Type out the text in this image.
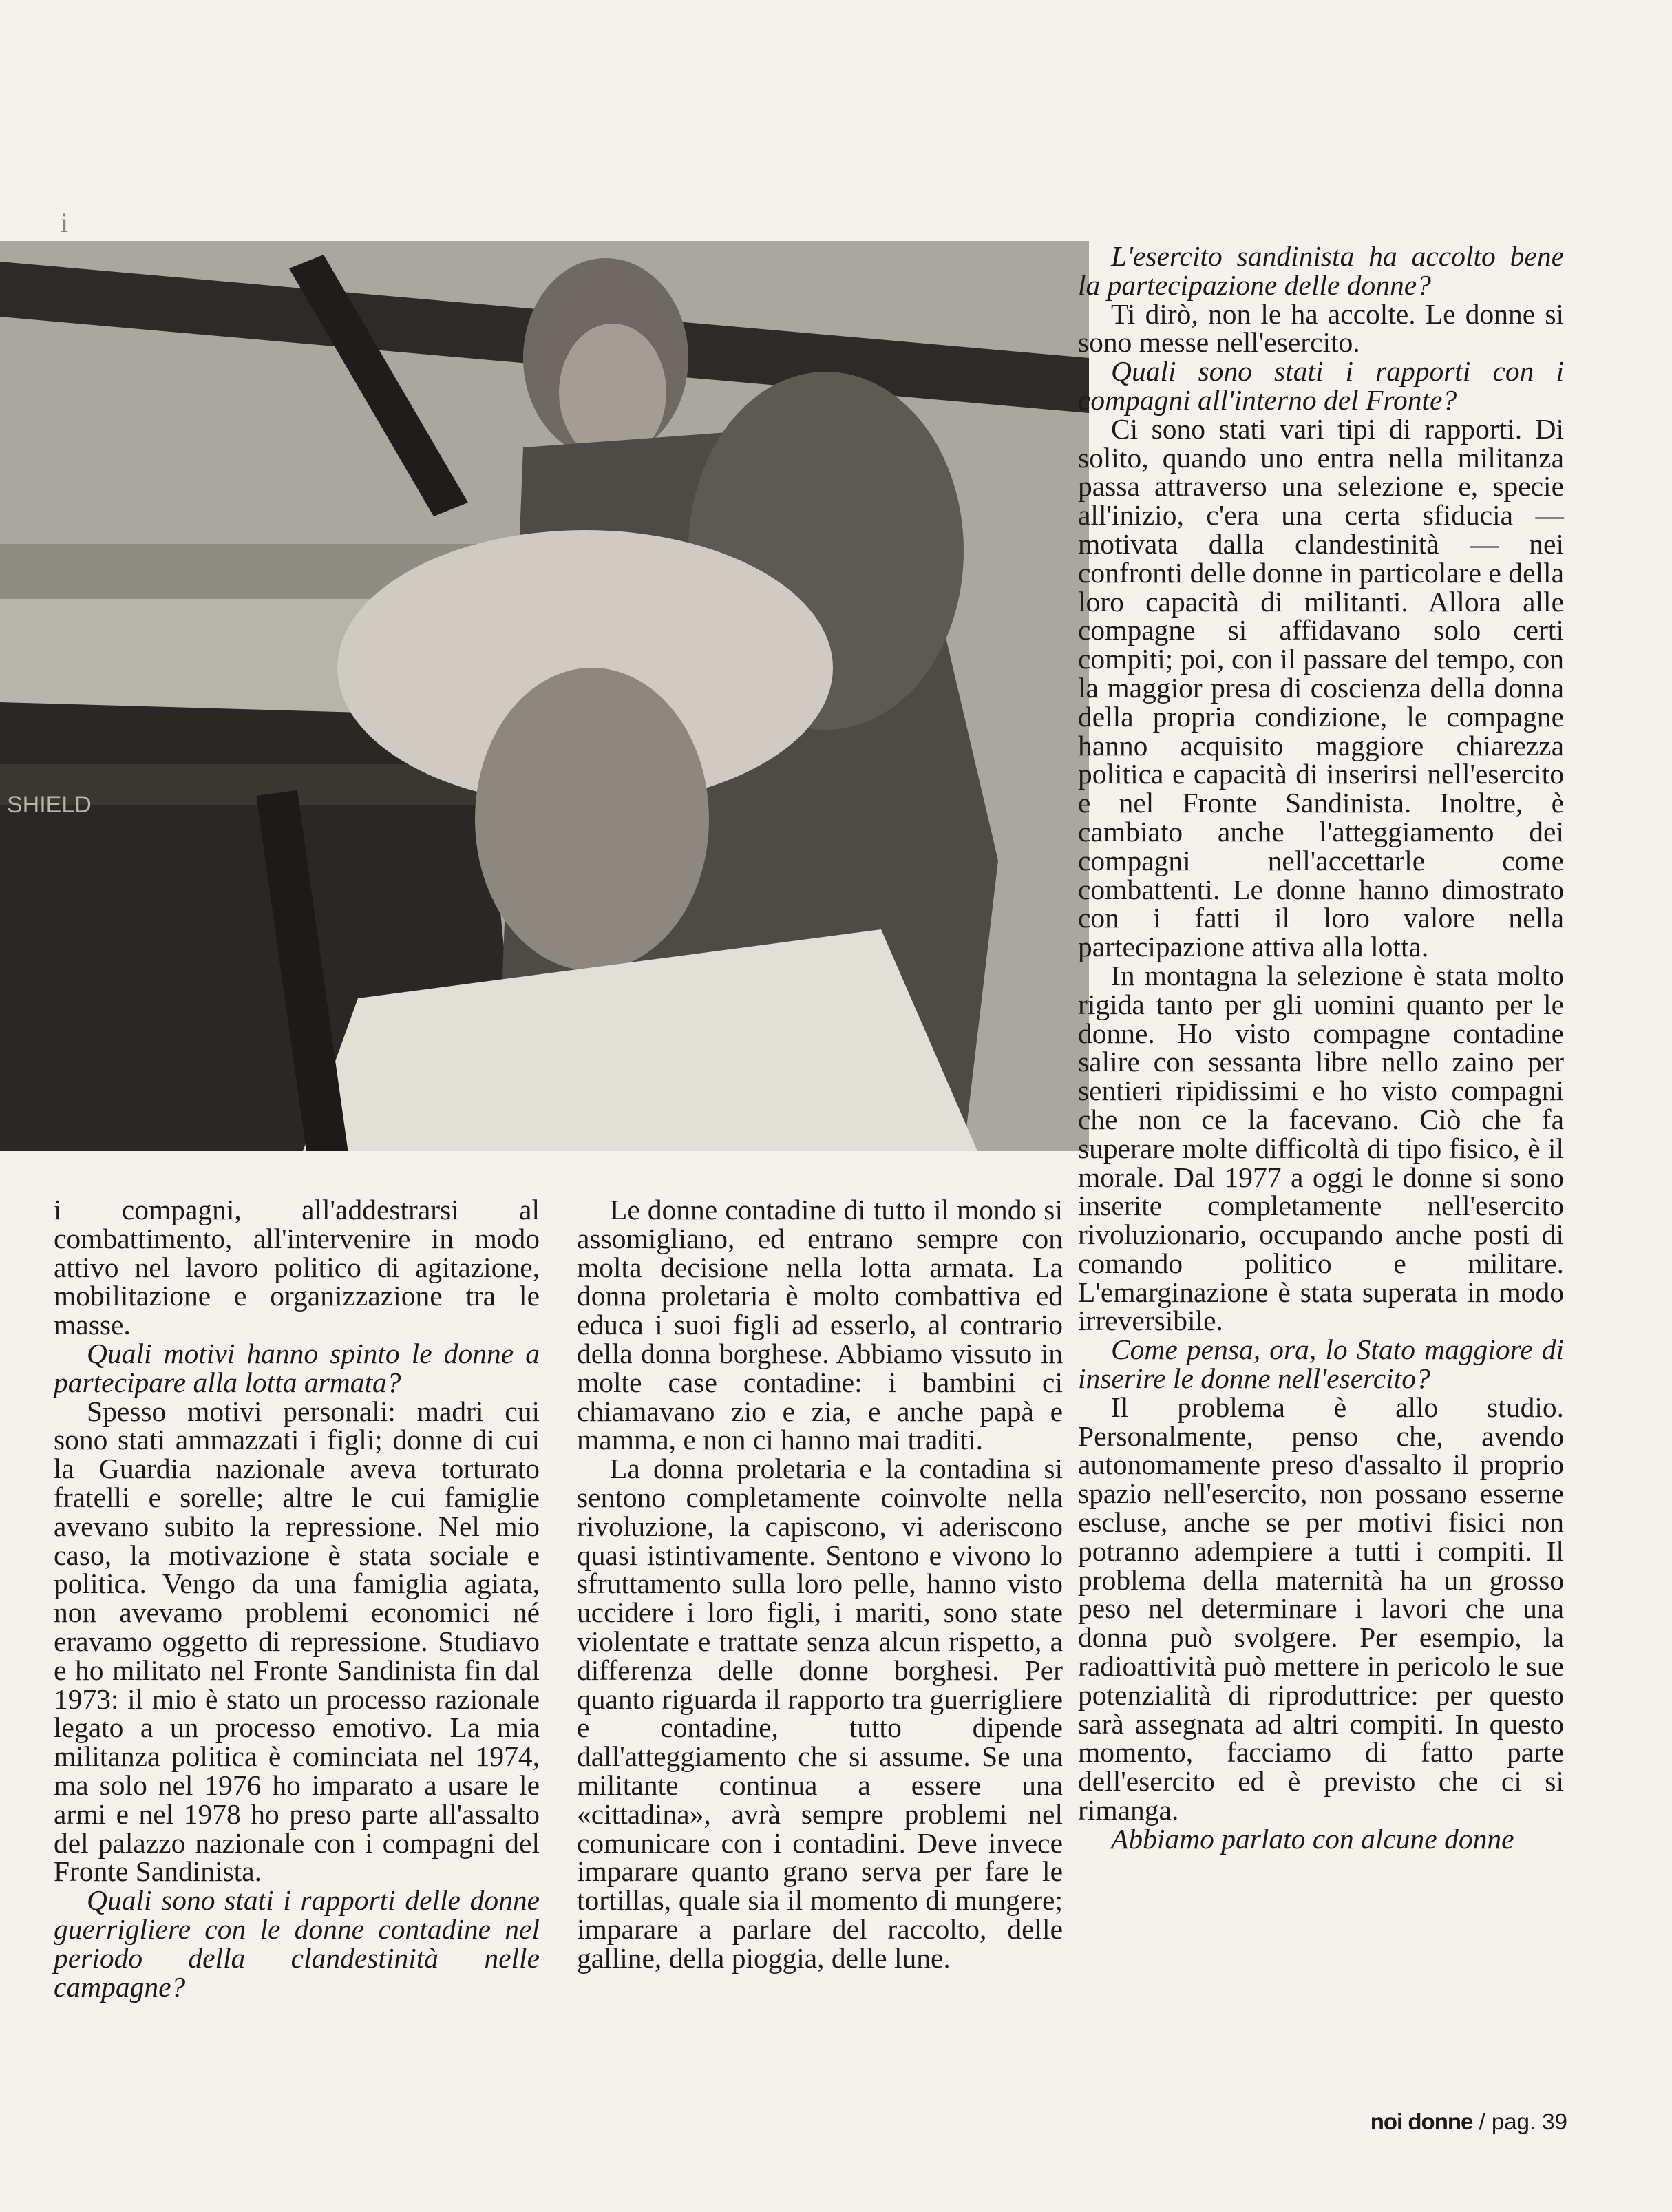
i
SHIELD

L'esercito sandinista ha accolto bene la partecipazione delle donne?

Ti dirò, non le ha accolte. Le donne si sono messe nell'esercito.

Quali sono stati i rapporti con i compagni all'interno del Fronte?

Ci sono stati vari tipi di rapporti. Di solito, quando uno entra nella militanza passa attraverso una selezione e, specie all'inizio, c'era una certa sfiducia — motivata dalla clandestinità — nei confronti delle donne in particolare e della loro capacità di militanti. Allora alle compagne si affidavano solo certi compiti; poi, con il passare del tempo, con la maggior presa di coscienza della donna della propria condizione, le compagne hanno acquisito maggiore chiarezza politica e capacità di inserirsi nell'esercito e nel Fronte Sandinista. Inoltre, è cambiato anche l'atteggiamento dei compagni nell'accettarle come combattenti. Le donne hanno dimostrato con i fatti il loro valore nella partecipazione attiva alla lotta.

In montagna la selezione è stata molto rigida tanto per gli uomini quanto per le donne. Ho visto compagne contadine salire con sessanta libre nello zaino per sentieri ripidissimi e ho visto compagni che non ce la facevano. Ciò che fa superare molte difficoltà di tipo fisico, è il morale. Dal 1977 a oggi le donne si sono inserite completamente nell'esercito rivoluzionario, occupando anche posti di comando politico e militare. L'emarginazione è stata superata in modo irreversibile.

Come pensa, ora, lo Stato maggiore di inserire le donne nell'esercito?

Il problema è allo studio. Personalmente, penso che, avendo autonomamente preso d'assalto il proprio spazio nell'esercito, non possano esserne escluse, anche se per motivi fisici non potranno adempiere a tutti i compiti. Il problema della maternità ha un grosso peso nel determinare i lavori che una donna può svolgere. Per esempio, la radioattività può mettere in pericolo le sue potenzialità di riproduttrice: per questo sarà assegnata ad altri compiti. In questo momento, facciamo di fatto parte dell'esercito ed è previsto che ci si rimanga.

Abbiamo parlato con alcune donne

i compagni, all'addestrarsi al combattimento, all'intervenire in modo attivo nel lavoro politico di agitazione, mobilitazione e organizzazione tra le masse.

Quali motivi hanno spinto le donne a partecipare alla lotta armata?

Spesso motivi personali: madri cui sono stati ammazzati i figli; donne di cui la Guardia nazionale aveva torturato fratelli e sorelle; altre le cui famiglie avevano subito la repressione. Nel mio caso, la motivazione è stata sociale e politica. Vengo da una famiglia agiata, non avevamo problemi economici né eravamo oggetto di repressione. Studiavo e ho militato nel Fronte Sandinista fin dal 1973: il mio è stato un processo razionale legato a un processo emotivo. La mia militanza politica è cominciata nel 1974, ma solo nel 1976 ho imparato a usare le armi e nel 1978 ho preso parte all'assalto del palazzo nazionale con i compagni del Fronte Sandinista.

Quali sono stati i rapporti delle donne guerrigliere con le donne contadine nel periodo della clandestinità nelle campagne?

Le donne contadine di tutto il mondo si assomigliano, ed entrano sempre con molta decisione nella lotta armata. La donna proletaria è molto combattiva ed educa i suoi figli ad esserlo, al contrario della donna borghese. Abbiamo vissuto in molte case contadine: i bambini ci chiamavano zio e zia, e anche papà e mamma, e non ci hanno mai traditi.

La donna proletaria e la contadina si sentono completamente coinvolte nella rivoluzione, la capiscono, vi aderiscono quasi istintivamente. Sentono e vivono lo sfruttamento sulla loro pelle, hanno visto uccidere i loro figli, i mariti, sono state violentate e trattate senza alcun rispetto, a differenza delle donne borghesi. Per quanto riguarda il rapporto tra guerrigliere e contadine, tutto dipende dall'atteggiamento che si assume. Se una militante continua a essere una «cittadina», avrà sempre problemi nel comunicare con i contadini. Deve invece imparare quanto grano serva per fare le tortillas, quale sia il momento di mungere; imparare a parlare del raccolto, delle galline, della pioggia, delle lune.

noi donne / pag. 39
